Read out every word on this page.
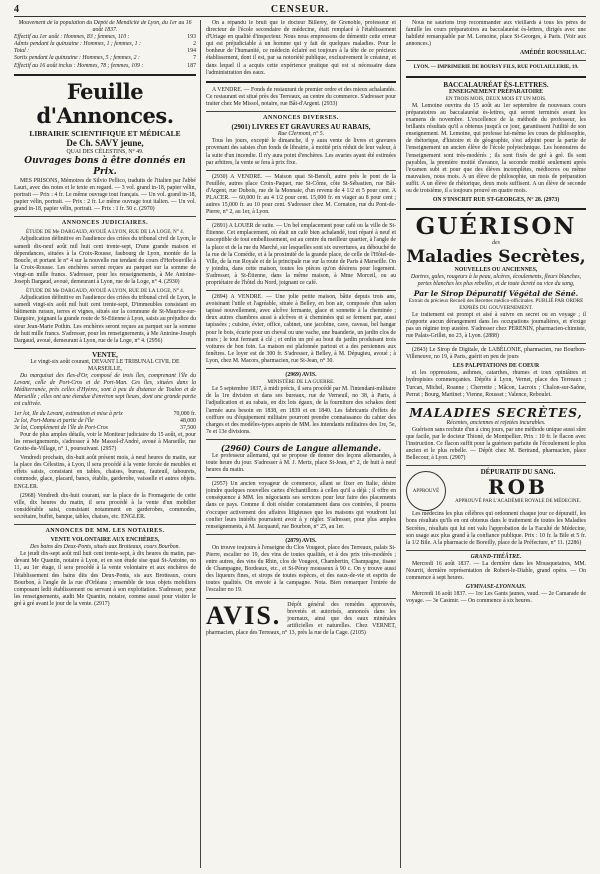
4	CENSEUR.
Mouvement de la population du Dépôt de Mendicité de Lyon, du 1er au 16 août 1837.
Effectif au 1er août : Hommes, 83 ; femmes, 110 :	193
Admis pendant la quinzaine : Hommes, 1 ; femmes, 1 :	2
Total :	194
Sortis pendant la quinzaine : Hommes, 5 ; femmes, 2 :	7
Effectif au 16 août inclus : Hommes, 78 ; femmes, 109 :	187
Feuille d'Annonces.
LIBRAIRIE SCIENTIFIQUE ET MÉDICALE
De Ch. SAVY jeune,
QUAI DES CÉLESTINS, N° 49.
Ouvrages bons à être donnés en Prix.
MES PRISONS, Mémoires de Silvio Pellico, traduits de l'italien par l'abbé Lauri, avec des notes et le texte en regard. — 3 vol. grand in-18, papier vélin, portrait — Prix : 4 fr. Le même ouvrage tout français. — Un vol. grand in-18, papier vélin, portrait. — Prix : 2 fr. Le même ouvrage tout italien. — Un vol. grand in-18, papier vélin, portrait. — Prix : 1 fr. 50 c. (2970)
ANNONCES JUDICIAIRES.
ÉTUDE DE Me DARGAUD, AVOUÉ A LYON, RUE DE LA LOGE, N° 4.
Adjudication définitive en l'audience des criées du tribunal civil de Lyon, le samedi dix-neuf août mil huit cent trente-sept, D'une grande maison et dépendances, situées à la Croix-Rousse, faubourg de Lyon, montée de la Boucle, et portant le n° 4 sur la nouvelle rue tendant du cours d'Herbouville à la Croix-Rousse. Les enchères seront reçues au parquet sur la somme de vingt-un mille francs. S'adresser, pour les renseignements, à Me Antoine-Joseph Dargaud, avoué, demeurant à Lyon, rue de la Loge, n° 4. (2930)
ÉTUDE DE Me DARGAUD, AVOUÉ A LYON, RUE DE LA LOGE, N° 4.
Adjudication définitive en l'audience des criées du tribunal civil de Lyon, le samedi vingt-six août mil huit cent trente-sept, D'immeubles consistant en bâtiments ruraux, terres et vignes, situés sur la commune de St-Maurice-sur-Dargoire, joignant la grande route de St-Etienne à Lyon, saisis au préjudice du sieur Jean-Marie Pothin. Les enchères seront reçues au parquet sur la somme de huit mille francs. S'adresser, pour les renseignements, à Me Antoine-Joseph Dargaud, avoué, demeurant à Lyon, rue de la Loge, n° 4. (2956)
VENTE,
Le vingt-six août courant, DEVANT LE TRIBUNAL CIVIL DE MARSEILLE,
Du marquisat des Iles-d'Or, composé de trois îles, comprenant l'île du Levant, celle de Port-Cros et de Port-Man. Ces îles, situées dans la Méditerranée, près celles d'Hyères, sont à peu de distance de Toulon et de Marseille ; elles ont une étendue d'environ sept lieues, dont une grande partie est cultivée.
1er lot, Ile du Levant, estimation et mise à prix	70,000 fr.
2e lot, Port-Manu et partie de l'île	48,000
3e lot, Complément de l'île de Port-Cros	37,500
Pour de plus amples détails, voir le Moniteur judiciaire du 15 août, et, pour les renseignements, s'adresser à Me Massol-d'André, avoué à Marseille, rue Grotte-du-Village, n° 1, poursuivant. (2957)
Vendredi prochain, dix-huit août présent mois, à neuf heures du matin, sur la place des Célestins, à Lyon, il sera procédé à la vente forcée de meubles et effets saisis, consistant en tables, chaises, bureau, fauteuil, tabourets, commode, glace, placard, bancs, établis, garderobe, vaisselle et autres objets. ENGLER.
(2968) Vendredi dix-huit courant, sur la place de la Fromagerie de cette ville, dix heures du matin, il sera procédé à la vente d'un mobilier considérable saisi, consistant notamment en garderobes, commodes, secrétaire, buffet, banque, tables, chaises, etc. ENGLER.
ANNONCES DE MM. LES NOTAIRES.
VENTE VOLONTAIRE AUX ENCHÈRES,
Des bains des Deux-Ponts, situés aux Brotteaux, cours Bourbon.
Le jeudi dix-sept août mil huit cent trente-sept, à dix heures du matin, par-devant Me Quantin, notaire à Lyon, et en son étude sise quai St-Antoine, no 11, au 1er étage, il sera procédé à la vente volontaire et aux enchères de l'établissement des bains dits des Deux-Ponts, sis aux Brotteaux, cours Bourbon, à l'angle de la rue d'Orléans ; ensemble de tous objets mobiliers composant ledit établissement ou servant à son exploitation. S'adresser, pour les renseignements, audit Me Quantin, notaire, comme aussi pour visiter le gré à gré avant le jour de la vente. (2917)
On a répandu le bruit que le docteur Billerey, de Grenoble, professeur et directeur de l'école secondaire de médecine, était remplacé à l'établissement d'Uriage en qualité d'inspecteur. Nous nous empressons de démentir cette erreur qui est préjudiciable à un homme qui y fait de quelques maladies. Pour le bonheur de l'humanité, ce médecin éclairé est toujours à la tête de ce précieux établissement, dont il est, par sa notoriété publique, exclusivement le créateur, et dans lequel il a acquis cette expérience pratique qui est si nécessaire dans l'administration des eaux.
A VENDRE. — Fonds de restaurant de premier ordre et des mieux achalandés. Ce restaurant est situé près des Terreaux, au centre du commerce. S'adresser pour traiter chez Me Missol, notaire, rue Bât-d'Argent. (2933)
ANNONCES DIVERSES.
(2901) LIVRES ET GRAVURES AU RABAIS,
Rue Clermont, n° 5.
Tous les jours, excepté le dimanche, il y aura vente de livres et gravures provenant des saisies d'un fonds de librairie, à moitié prix réduit de leur valeur, à la suite d'un incendie. Il n'y aura point d'enchères. Les avaries ayant été estimées par arbitres, la vente se fera à prix fixe.
(2930) A VENDRE. — Maison quai St-Benoît, autre près le pont de la Feuillée, autres place Croix-Paquet, rue St-Côme, côte St-Sébastien, rue Bât-d'Argent, rue Dubois, rue de la Monnaie, d'un revenu de 4 1/2 et 5 pour cent. A PLACER. — 60,000 fr. au 4 1/2 pour cent. 15,000 fr. en viager au 8 pour cent ; autres 15,000 fr. au 10 pour cent. S'adresser chez M. Cornaton, rue du Pont-de-Pierre, n° 2, au 1er, à Lyon.
(2891) A LOUER de suite. — Un bel emplacement pour café ou la ville de St-Étienne. Cet emplacement, où était un café bien achalandé, tout réparé à neuf et susceptible de tout embellissement, est au centre du meilleur quartier, à l'angle de la place et de la rue du Marché, sur lesquelles sont six ouvertures, au débouché de la rue de la Comédie, et à la proximité de la grande place, de celle de l'Hôtel-de-Ville, de la rue Royale et de la principale rue sur la route de Paris à Marseille. On y joindra, dans cette maison, toutes les pièces qu'on désirera pour logement. S'adresser, à St-Étienne, dans la même maison, à Mme Morceil, ou au propriétaire de l'hôtel du Nord, joignant ce café.
(2894) A VENDRE. — Une jolie petite maison, bâtie depuis trois ans, avoisinant l'utile et l'agréable, située à Belley, en bon air, composée d'un salon tapissé nouvellement, avec alcôve fermante, glace et sonnette à la cheminée ; deux autres chambres aussi à alcôves et à cheminées qui se ferment par, aussi tapissées ; cuisine, évier, office, cabinet, une jacobine, cave, caveau, bel hangar pour le bois, écurie pour un cheval ou une vache, une buanderie, un jardin clos de murs ; le tout fermant à clé ; et enfin un pré au bout du jardin produisant trois voitures de bon foin. La maison est plafonnée partout et a des persiennes aux fenêtres. Le loyer est de 300 fr. S'adresser, à Belley, à M. Dépugieu, avoué ; à Lyon, chez M. Macors, pharmacien, rue St-Jean, n° 30.
(2969) AVIS.
MINISTÈRE DE LA GUERRE.
Le 5 septembre 1837, à midi précis, il sera procédé par M. l'intendant-militaire de la 1re division et dans ses bureaux, rue de Verneuil, no 38, à Paris, à l'adjudication et au rabais, en dix lots égaux, de la fourniture des schakos dont l'armée aura besoin en 1838, en 1839 et en 1840. Les fabricants d'effets de coiffure ou d'équipement militaire pourront prendre connaissance du cahier des charges et des modèles-types auprès de MM. les intendants militaires des 1re, 5e, 7e et 13e divisions.
(2960) Cours de Langue allemande.
Le professeur allemand, qui se propose de donner des leçons allemandes, à toute heure du jour. S'adresser à M. J. Mertz, place St-Jean, n° 2, de huit à neuf heures du matin.
(2957) Un ancien voyageur de commerce, allant se fixer en Italie, désire joindre quelques nouvelles cartes d'échantillons à celles qu'il a déjà ; il offre en conséquence à MM. les négociants ses services pour leur faire des placements dans ce pays. Comme il doit résider constamment dans ces contrées, il pourra s'occuper activement des affaires litigieuses que les maisons qui voudront lui confier leurs intérêts pourraient avoir à y régler. S'adresser, pour plus amples renseignements, à M. Jacquand, rue Bourbon, n° 25, au 1er.
(2879) AVIS.
On trouve toujours à l'enseigne du Clos Vougeot, place des Terreaux, palais St-Pierre, escalier no 19, des vins de toutes qualités, et à des prix très-modérés ; entre autres, des vins du Rhin, clos de Vougeot, Chambertin, Champagne, tisane de Champagne, Bordeaux, etc., et St-Péray mousseux à 90 c. On y trouve aussi des liqueurs fines, et sirops de toutes espèces, et des eaux-de-vie et esprits de toutes qualités. On envoie à la campagne. Nota. Bien remarquer l'entrée de l'escalier no 19.
AVIS. Dépôt général des remèdes approuvés, brevetés et autorisés, annoncés dans les journaux, ainsi que des eaux minérales artificielles et naturelles. Chez VERNET, pharmacien, place des Terreaux, n° 13, près la rue de la Cage. (2105)
Nous ne saurions trop recommander aux vieillards à tous les pères de famille les cours préparatoires au baccalauréat ès-lettres, dirigés avec une habileté remarquable par M. Lemoine, place St-Georges, à Paris. (Voir aux annonces.)
AMÉDÉE ROUSSILLAC.
LYON. — IMPRIMERIE DE BOURSY FILS, RUE POULAILLERIE, 19.
BACCALAURÉAT ÈS-LETTRES.
ENSEIGNEMENT PRÉPARATOIRE
EN TROIS MOIS, DEUX MOIS ET UN MOIS.
M. Lemoine ouvrira du 15 août au 1er septembre de nouveaux cours préparatoires au baccalauréat ès-lettres, qui seront terminés avant les examens de novembre. L'excellence de la méthode du professeur, les brillants résultats qu'il a obtenus jusqu'à ce jour, garantissent l'utilité de son enseignement. M. Lemoine, qui professe lui-même les cours de philosophie, de rhétorique, d'histoire et de géographie, s'est adjoint pour la partie de l'enseignement un ancien élève de l'école polytechnique. Les honoraires de l'enseignement sont très-modérés ; ils sont fixés de gré à gré. Ils sont payables, la première moitié d'avance, la seconde moitié seulement après l'examen subi et pour que des élèves incomplètes, médiocres ou même mauvaises, nous mois. A un élève de philosophie, un mois de préparation suffit. A un élève de rhétorique, deux mois suffisent. A un élève de seconde ou de troisième, il a toujours prouvé en quatre mois.
ON S'INSCRIT RUE ST-GEORGES, N° 28. (2973)
GUÉRISON
des
Maladies Secrètes,
NOUVELLES OU ANCIENNES,
Dartres, gales, rougeurs à la peau, ulcères, écoulements, fleurs blanches, pertes blanches les plus rebelles, et de toute âcreté ou vice du sang,
Par le Sirop Dépuratif Végétal de Séné.
Extrait du précieux Recueil des Recettes médico-officinales. PUBLIÉ PAR ORDRE EXPRÈS DU GOUVERNEMENT.
Le traitement est prompt et aisé à suivre en secret ou en voyage ; il n'apporte aucun dérangement dans les occupations journalières, et n'exige pas un régime trop austère. S'adresser chez PERENIN, pharmacien-chimiste, rue Palais-Grillet, no 23, à Lyon. (2888)
(2843) Le Sirop de Digitale, de LABÉLONIE, pharmacien, rue Bourbon-Villeneuve, no 19, à Paris, guérit en peu de jours
LES PALPITATIONS DE COEUR
et les oppressions, asthmes, catarrhes, rhumes et toux opiniâtres et hydropisies commençantes. Dépôts à Lyon, Vernet, place des Terreaux ; Turcan, Michel, Roanne ; Cherrette ; Mâcon, Lacroix ; Chalon-sur-Saône, Perrat ; Bourg, Martinet ; Vienne, Rousset ; Valence, Reboulet.
MALADIES SECRÈTES,
Récentes, anciennes et rejetées incurables.
Guérison sans rechute d'un à cinq jours, par une méthode unique aussi sûre que facile, par le docteur Thioné, de Montpellier. Prix : 10 fr. le flacon avec l'instruction. Ce flacon suffit pour la guérison parfaite de l'écoulement le plus ancien et le plus rebelle. — Dépôt chez M. Bertrand, pharmacien, place Bellecour, à Lyon. (2907)
APPROUVÉ
DÉPURATIF DU SANG.
ROB
APPROUVÉ PAR L'ACADÉMIE ROYALE DE MÉDECINE.
Les médecins les plus célèbres qui ordonnent chaque jour ce dépuratif, les bons résultats qu'ils en ont obtenus dans le traitement de toutes les Maladies Secrètes, résultats qui lui ont valu l'approbation de la Faculté de Médecine, son usage aux plus grand à la confiance publique. Prix : 10 fr. la Bile et 5 fr. la 1/2 Bile. A la pharmacie de Boreilly, place de la Préfecture, n° 11. (2286)
GRAND-THÉÂTRE.
Mercredi 16 août 1837. — La dernière dans les Mousquetaires, MM. Nourrit, dernière représentation de Robert-le-Diable, grand opéra. — On commence à sept heures.
GYMNASE-LYONNAIS.
Mercredi 16 août 1837. — 1re Les Gants jaunes, vaud. — 2e Camarade de voyage. — 3e Casimir. — On commence à six heures.
